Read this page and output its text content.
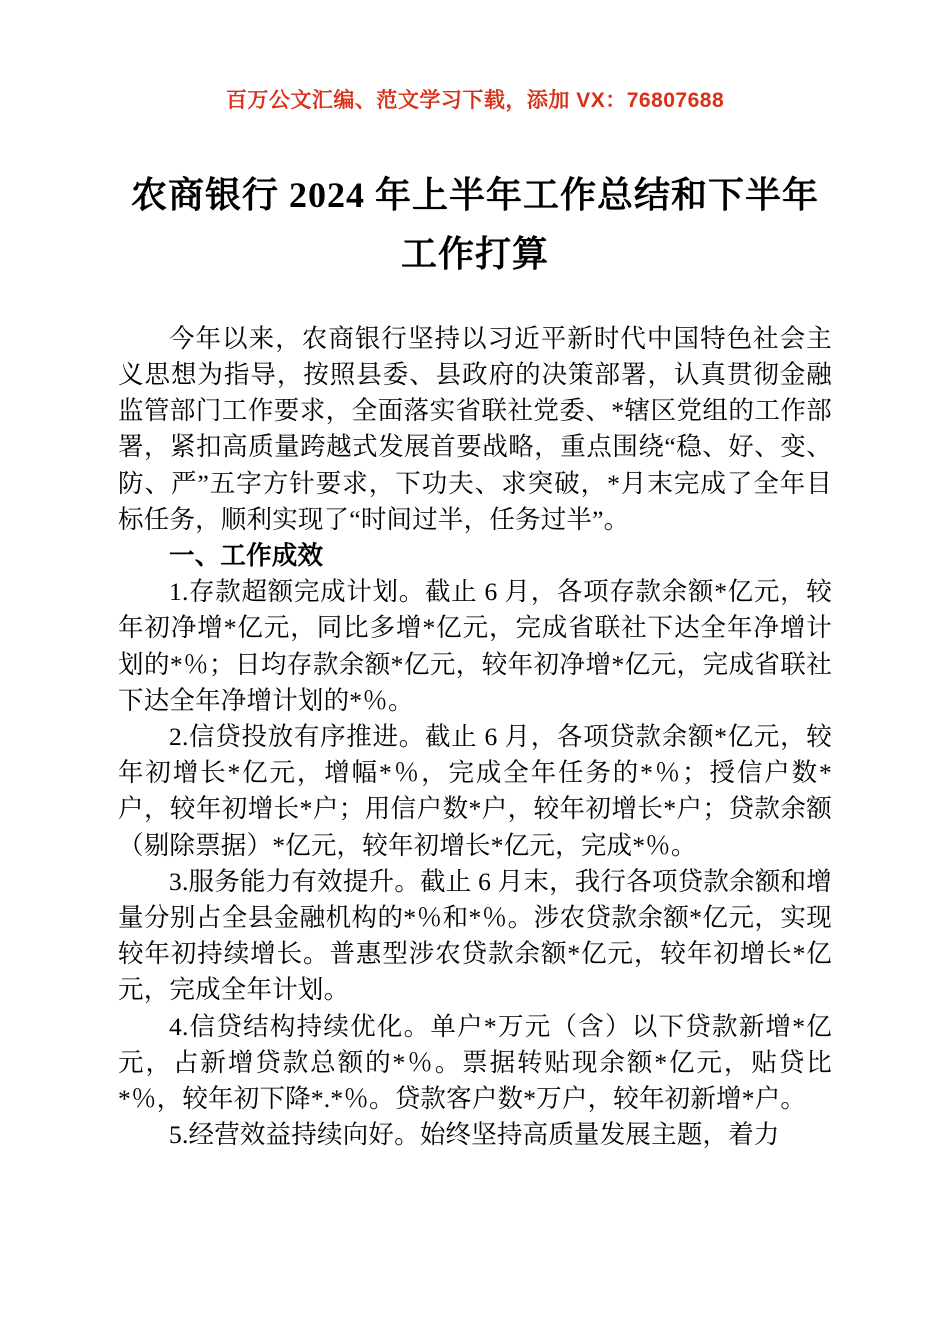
百万公文汇编、范文学习下载，添加 VX：76807688
农商银行 2024 年上半年工作总结和下半年工作打算

今年以来，农商银行坚持以习近平新时代中国特色社会主义思想为指导，按照县委、县政府的决策部署，认真贯彻金融监管部门工作要求，全面落实省联社党委、*辖区党组的工作部署，紧扣高质量跨越式发展首要战略，重点围绕“稳、好、变、防、严”五字方针要求，下功夫、求突破，*月末完成了全年目标任务，顺利实现了“时间过半，任务过半”。

一、工作成效

1.存款超额完成计划。截止 6 月，各项存款余额*亿元，较年初净增*亿元，同比多增*亿元，完成省联社下达全年净增计划的*％；日均存款余额*亿元，较年初净增*亿元，完成省联社下达全年净增计划的*％。

2.信贷投放有序推进。截止 6 月，各项贷款余额*亿元，较年初增长*亿元，增幅*％，完成全年任务的*％；授信户数*户，较年初增长*户；用信户数*户，较年初增长*户；贷款余额（剔除票据）*亿元，较年初增长*亿元，完成*％。

3.服务能力有效提升。截止 6 月末，我行各项贷款余额和增量分别占全县金融机构的*％和*％。涉农贷款余额*亿元，实现较年初持续增长。普惠型涉农贷款余额*亿元，较年初增长*亿元，完成全年计划。

4.信贷结构持续优化。单户*万元（含）以下贷款新增*亿元，占新增贷款总额的*％。票据转贴现余额*亿元，贴贷比*％，较年初下降*.*％。贷款客户数*万户，较年初新增*户。

5.经营效益持续向好。始终坚持高质量发展主题，着力
